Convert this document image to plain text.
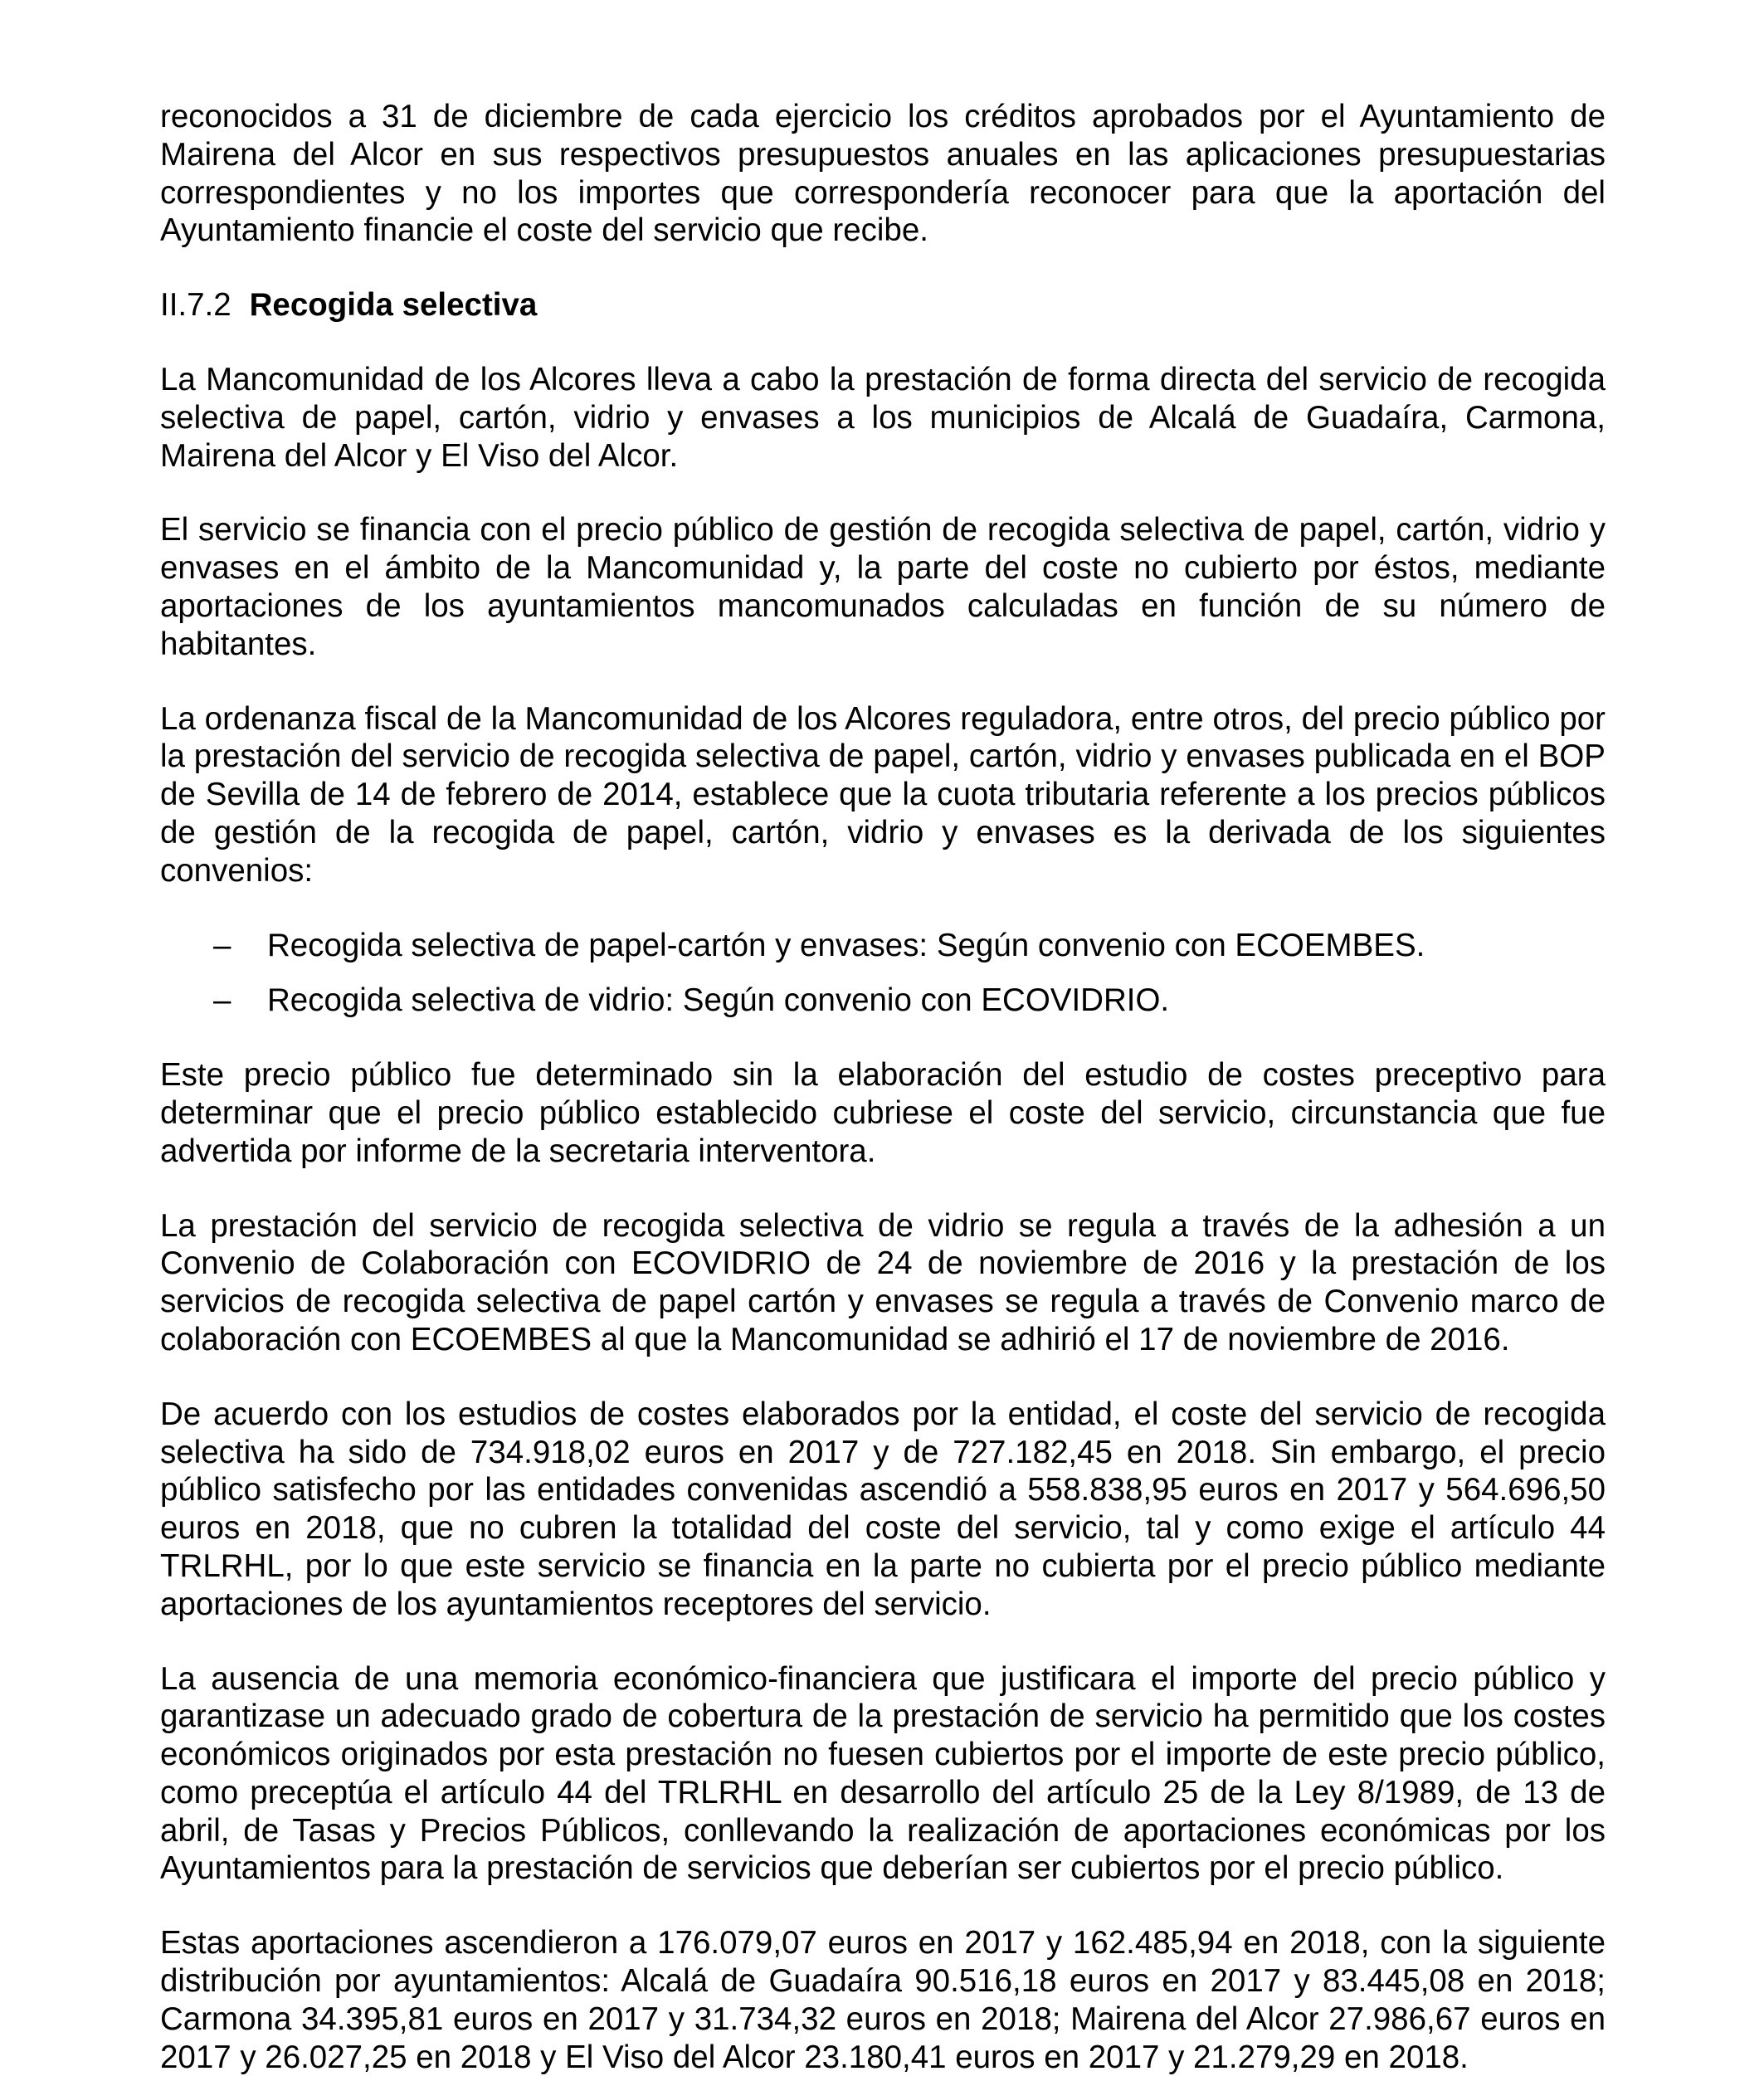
reconocidos a 31 de diciembre de cada ejercicio los créditos aprobados por el Ayuntamiento de Mairena del Alcor en sus respectivos presupuestos anuales en las aplicaciones presupuestarias correspondientes y no los importes que correspondería reconocer para que la aportación del Ayuntamiento financie el coste del servicio que recibe.

II.7.2 Recogida selectiva

La Mancomunidad de los Alcores lleva a cabo la prestación de forma directa del servicio de recogida selectiva de papel, cartón, vidrio y envases a los municipios de Alcalá de Guadaíra, Carmona, Mairena del Alcor y El Viso del Alcor.

El servicio se financia con el precio público de gestión de recogida selectiva de papel, cartón, vidrio y envases en el ámbito de la Mancomunidad y, la parte del coste no cubierto por éstos, mediante aportaciones de los ayuntamientos mancomunados calculadas en función de su número de habitantes.

La ordenanza fiscal de la Mancomunidad de los Alcores reguladora, entre otros, del precio público por la prestación del servicio de recogida selectiva de papel, cartón, vidrio y envases publicada en el BOP de Sevilla de 14 de febrero de 2014, establece que la cuota tributaria referente a los precios públicos de gestión de la recogida de papel, cartón, vidrio y envases es la derivada de los siguientes convenios:

– Recogida selectiva de papel-cartón y envases: Según convenio con ECOEMBES.
– Recogida selectiva de vidrio: Según convenio con ECOVIDRIO.

Este precio público fue determinado sin la elaboración del estudio de costes preceptivo para determinar que el precio público establecido cubriese el coste del servicio, circunstancia que fue advertida por informe de la secretaria interventora.

La prestación del servicio de recogida selectiva de vidrio se regula a través de la adhesión a un Convenio de Colaboración con ECOVIDRIO de 24 de noviembre de 2016 y la prestación de los servicios de recogida selectiva de papel cartón y envases se regula a través de Convenio marco de colaboración con ECOEMBES al que la Mancomunidad se adhirió el 17 de noviembre de 2016.

De acuerdo con los estudios de costes elaborados por la entidad, el coste del servicio de recogida selectiva ha sido de 734.918,02 euros en 2017 y de 727.182,45 en 2018. Sin embargo, el precio público satisfecho por las entidades convenidas ascendió a 558.838,95 euros en 2017 y 564.696,50 euros en 2018, que no cubren la totalidad del coste del servicio, tal y como exige el artículo 44 TRLRHL, por lo que este servicio se financia en la parte no cubierta por el precio público mediante aportaciones de los ayuntamientos receptores del servicio.

La ausencia de una memoria económico-financiera que justificara el importe del precio público y garantizase un adecuado grado de cobertura de la prestación de servicio ha permitido que los costes económicos originados por esta prestación no fuesen cubiertos por el importe de este precio público, como preceptúa el artículo 44 del TRLRHL en desarrollo del artículo 25 de la Ley 8/1989, de 13 de abril, de Tasas y Precios Públicos, conllevando la realización de aportaciones económicas por los Ayuntamientos para la prestación de servicios que deberían ser cubiertos por el precio público.

Estas aportaciones ascendieron a 176.079,07 euros en 2017 y 162.485,94 en 2018, con la siguiente distribución por ayuntamientos: Alcalá de Guadaíra 90.516,18 euros en 2017 y 83.445,08 en 2018; Carmona 34.395,81 euros en 2017 y 31.734,32 euros en 2018; Mairena del Alcor 27.986,67 euros en 2017 y 26.027,25 en 2018 y El Viso del Alcor 23.180,41 euros en 2017 y 21.279,29 en 2018.
